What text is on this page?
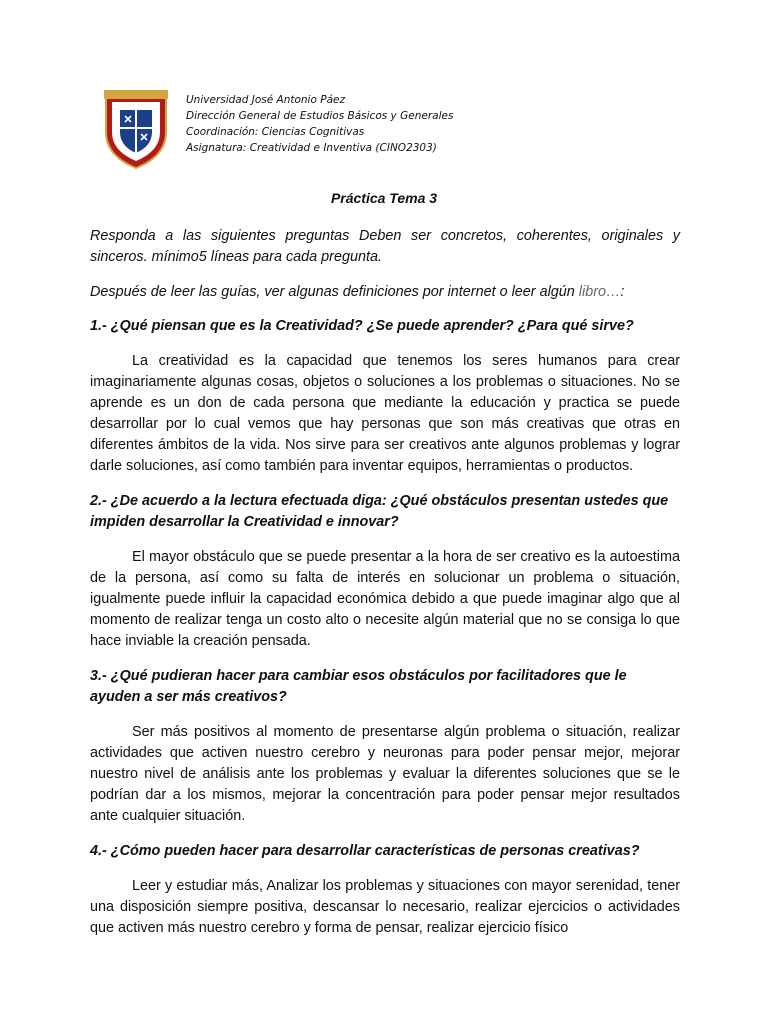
Universidad José Antonio Páez
Dirección General de Estudios Básicos y Generales
Coordinación: Ciencias Cognitivas
Asignatura: Creatividad e Inventiva (CINO2303)
Práctica Tema 3

Responda a las siguientes preguntas Deben ser concretos, coherentes, originales y sinceros. mínimo5 líneas para cada pregunta.

Después de leer las guías, ver algunas definiciones por internet o leer algún libro…:

1.- ¿Qué piensan que es la Creatividad? ¿Se puede aprender? ¿Para qué sirve?

La creatividad es la capacidad que tenemos los seres humanos para crear imaginariamente algunas cosas, objetos o soluciones a los problemas o situaciones. No se aprende es un don de cada persona que mediante la educación y practica se puede desarrollar por lo cual vemos que hay personas que son más creativas que otras en diferentes ámbitos de la vida. Nos sirve para ser creativos ante algunos problemas y lograr darle soluciones, así como también para inventar equipos, herramientas o productos.

2.- ¿De acuerdo a la lectura efectuada diga: ¿Qué obstáculos presentan ustedes que impiden desarrollar la Creatividad e innovar?

El mayor obstáculo que se puede presentar a la hora de ser creativo es la autoestima de la persona, así como su falta de interés en solucionar un problema o situación, igualmente puede influir la capacidad económica debido a que puede imaginar algo que al momento de realizar tenga un costo alto o necesite algún material que no se consiga lo que hace inviable la creación pensada.

3.- ¿Qué pudieran hacer para cambiar esos obstáculos por facilitadores que le ayuden a ser más creativos?

Ser más positivos al momento de presentarse algún problema o situación, realizar actividades que activen nuestro cerebro y neuronas para poder pensar mejor, mejorar nuestro nivel de análisis ante los problemas y evaluar la diferentes soluciones que se le podrían dar a los mismos, mejorar la concentración para poder pensar mejor resultados ante cualquier situación.

4.- ¿Cómo pueden hacer para desarrollar características de personas creativas?

Leer y estudiar más, Analizar los problemas y situaciones con mayor serenidad, tener una disposición siempre positiva, descansar lo necesario, realizar ejercicios o actividades que activen más nuestro cerebro y forma de pensar, realizar ejercicio físico
